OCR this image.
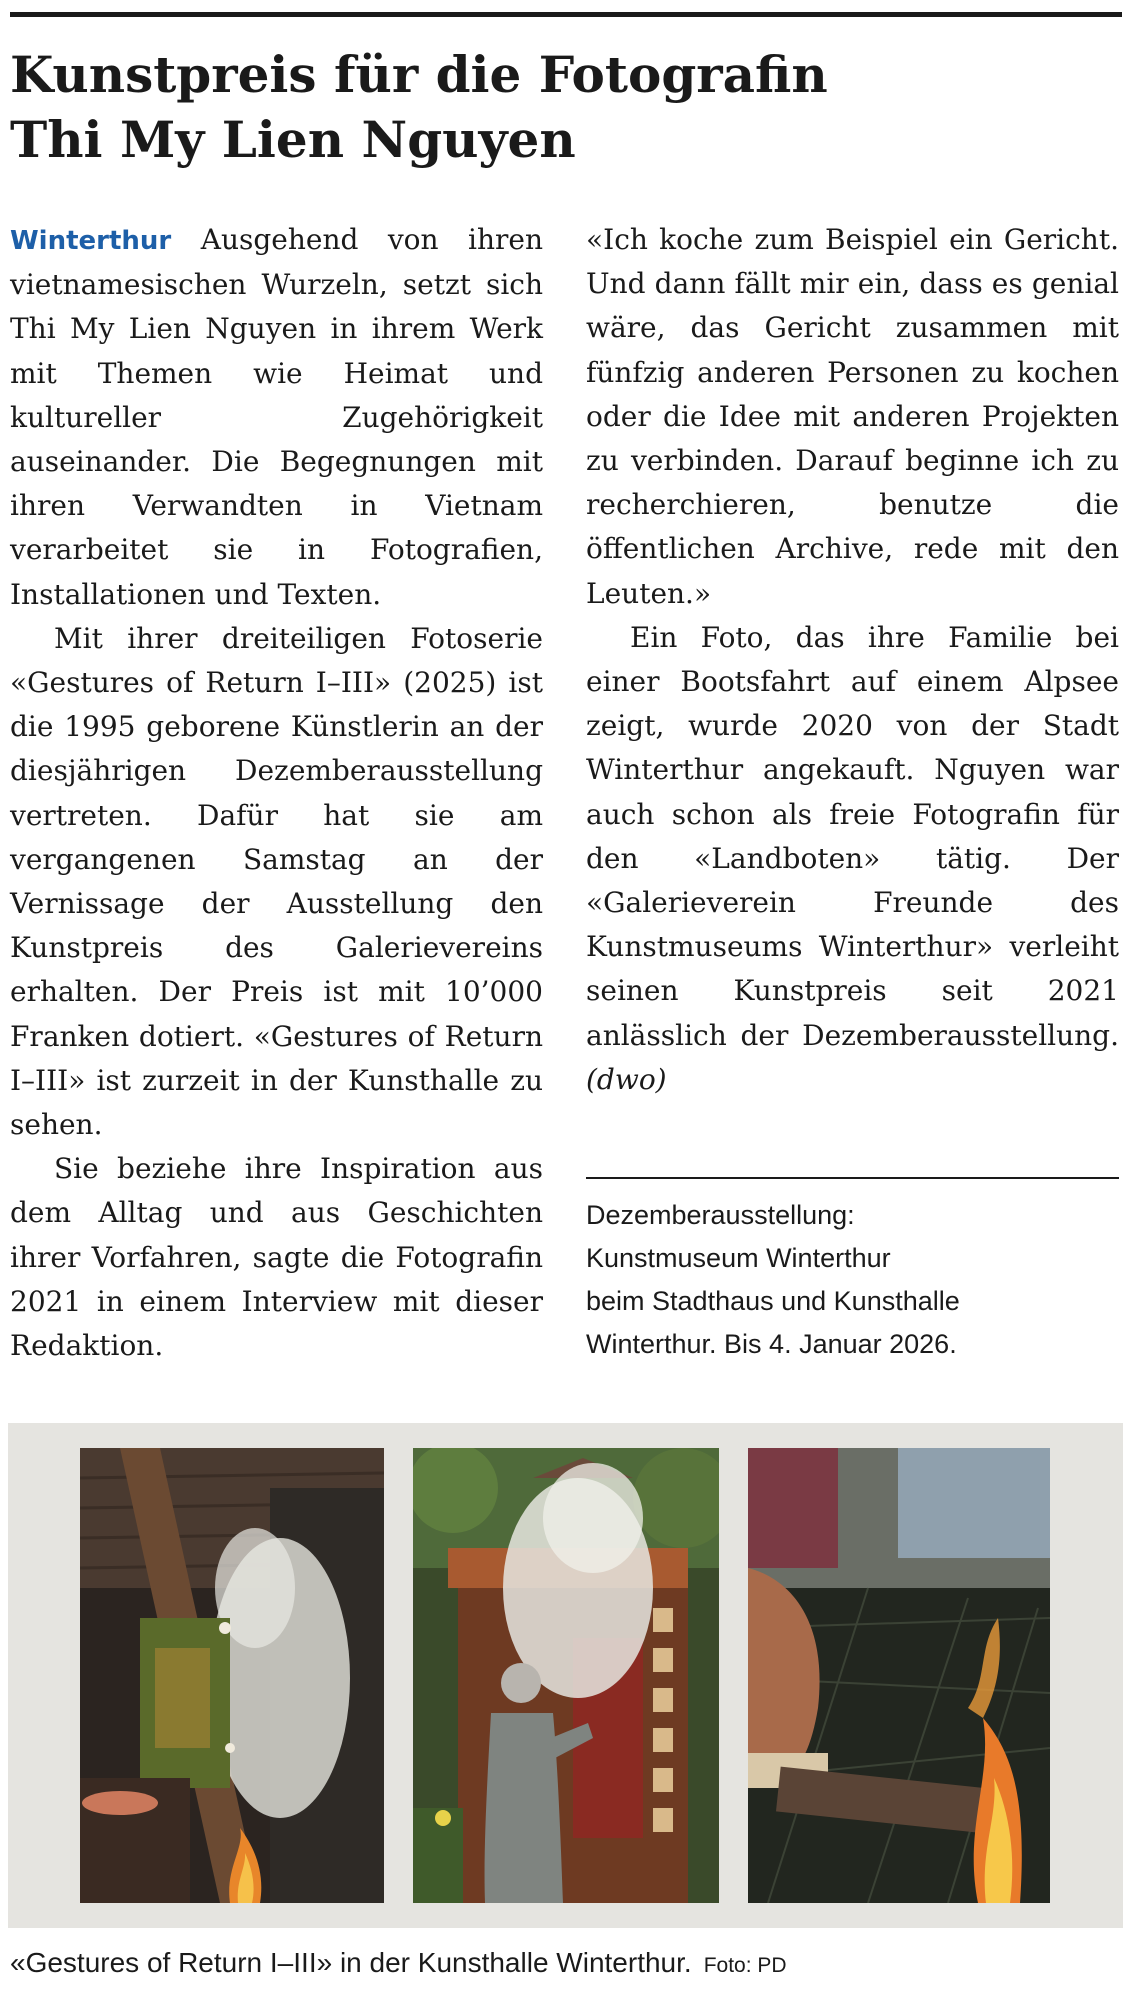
Kunstpreis für die Fotografin
Thi My Lien Nguyen

Winterthur Ausgehend von ihren vietnamesischen Wurzeln, setzt sich Thi My Lien Nguyen in ihrem Werk mit Themen wie Heimat und kultureller Zugehörigkeit auseinander. Die Begegnungen mit ihren Verwandten in Vietnam verarbeitet sie in Fotografien, Installationen und Texten.

Mit ihrer dreiteiligen Fotoserie «Gestures of Return I–III» (2025) ist die 1995 geborene Künstlerin an der diesjährigen Dezemberausstellung vertreten. Dafür hat sie am vergangenen Samstag an der Vernissage der Ausstellung den Kunstpreis des Galerievereins erhalten. Der Preis ist mit 10’000 Franken dotiert. «Gestures of Return I–III» ist zurzeit in der Kunsthalle zu sehen.

Sie beziehe ihre Inspiration aus dem Alltag und aus Geschichten ihrer Vorfahren, sagte die Fotografin 2021 in einem Interview mit dieser Redaktion.

«Ich koche zum Beispiel ein Gericht. Und dann fällt mir ein, dass es genial wäre, das Gericht zusammen mit fünfzig anderen Personen zu kochen oder die Idee mit anderen Projekten zu verbinden. Darauf beginne ich zu recherchieren, benutze die öffentlichen Archive, rede mit den Leuten.»

Ein Foto, das ihre Familie bei einer Bootsfahrt auf einem Alpsee zeigt, wurde 2020 von der Stadt Winterthur angekauft. Nguyen war auch schon als freie Fotografin für den «Landboten» tätig. Der «Galerieverein Freunde des Kunstmuseums Winterthur» verleiht seinen Kunstpreis seit 2021 anlässlich der Dezemberausstellung. (dwo)

Dezemberausstellung:
Kunstmuseum Winterthur
beim Stadthaus und Kunsthalle
Winterthur. Bis 4. Januar 2026.
«Gestures of Return I–III» in der Kunsthalle Winterthur. Foto: PD
